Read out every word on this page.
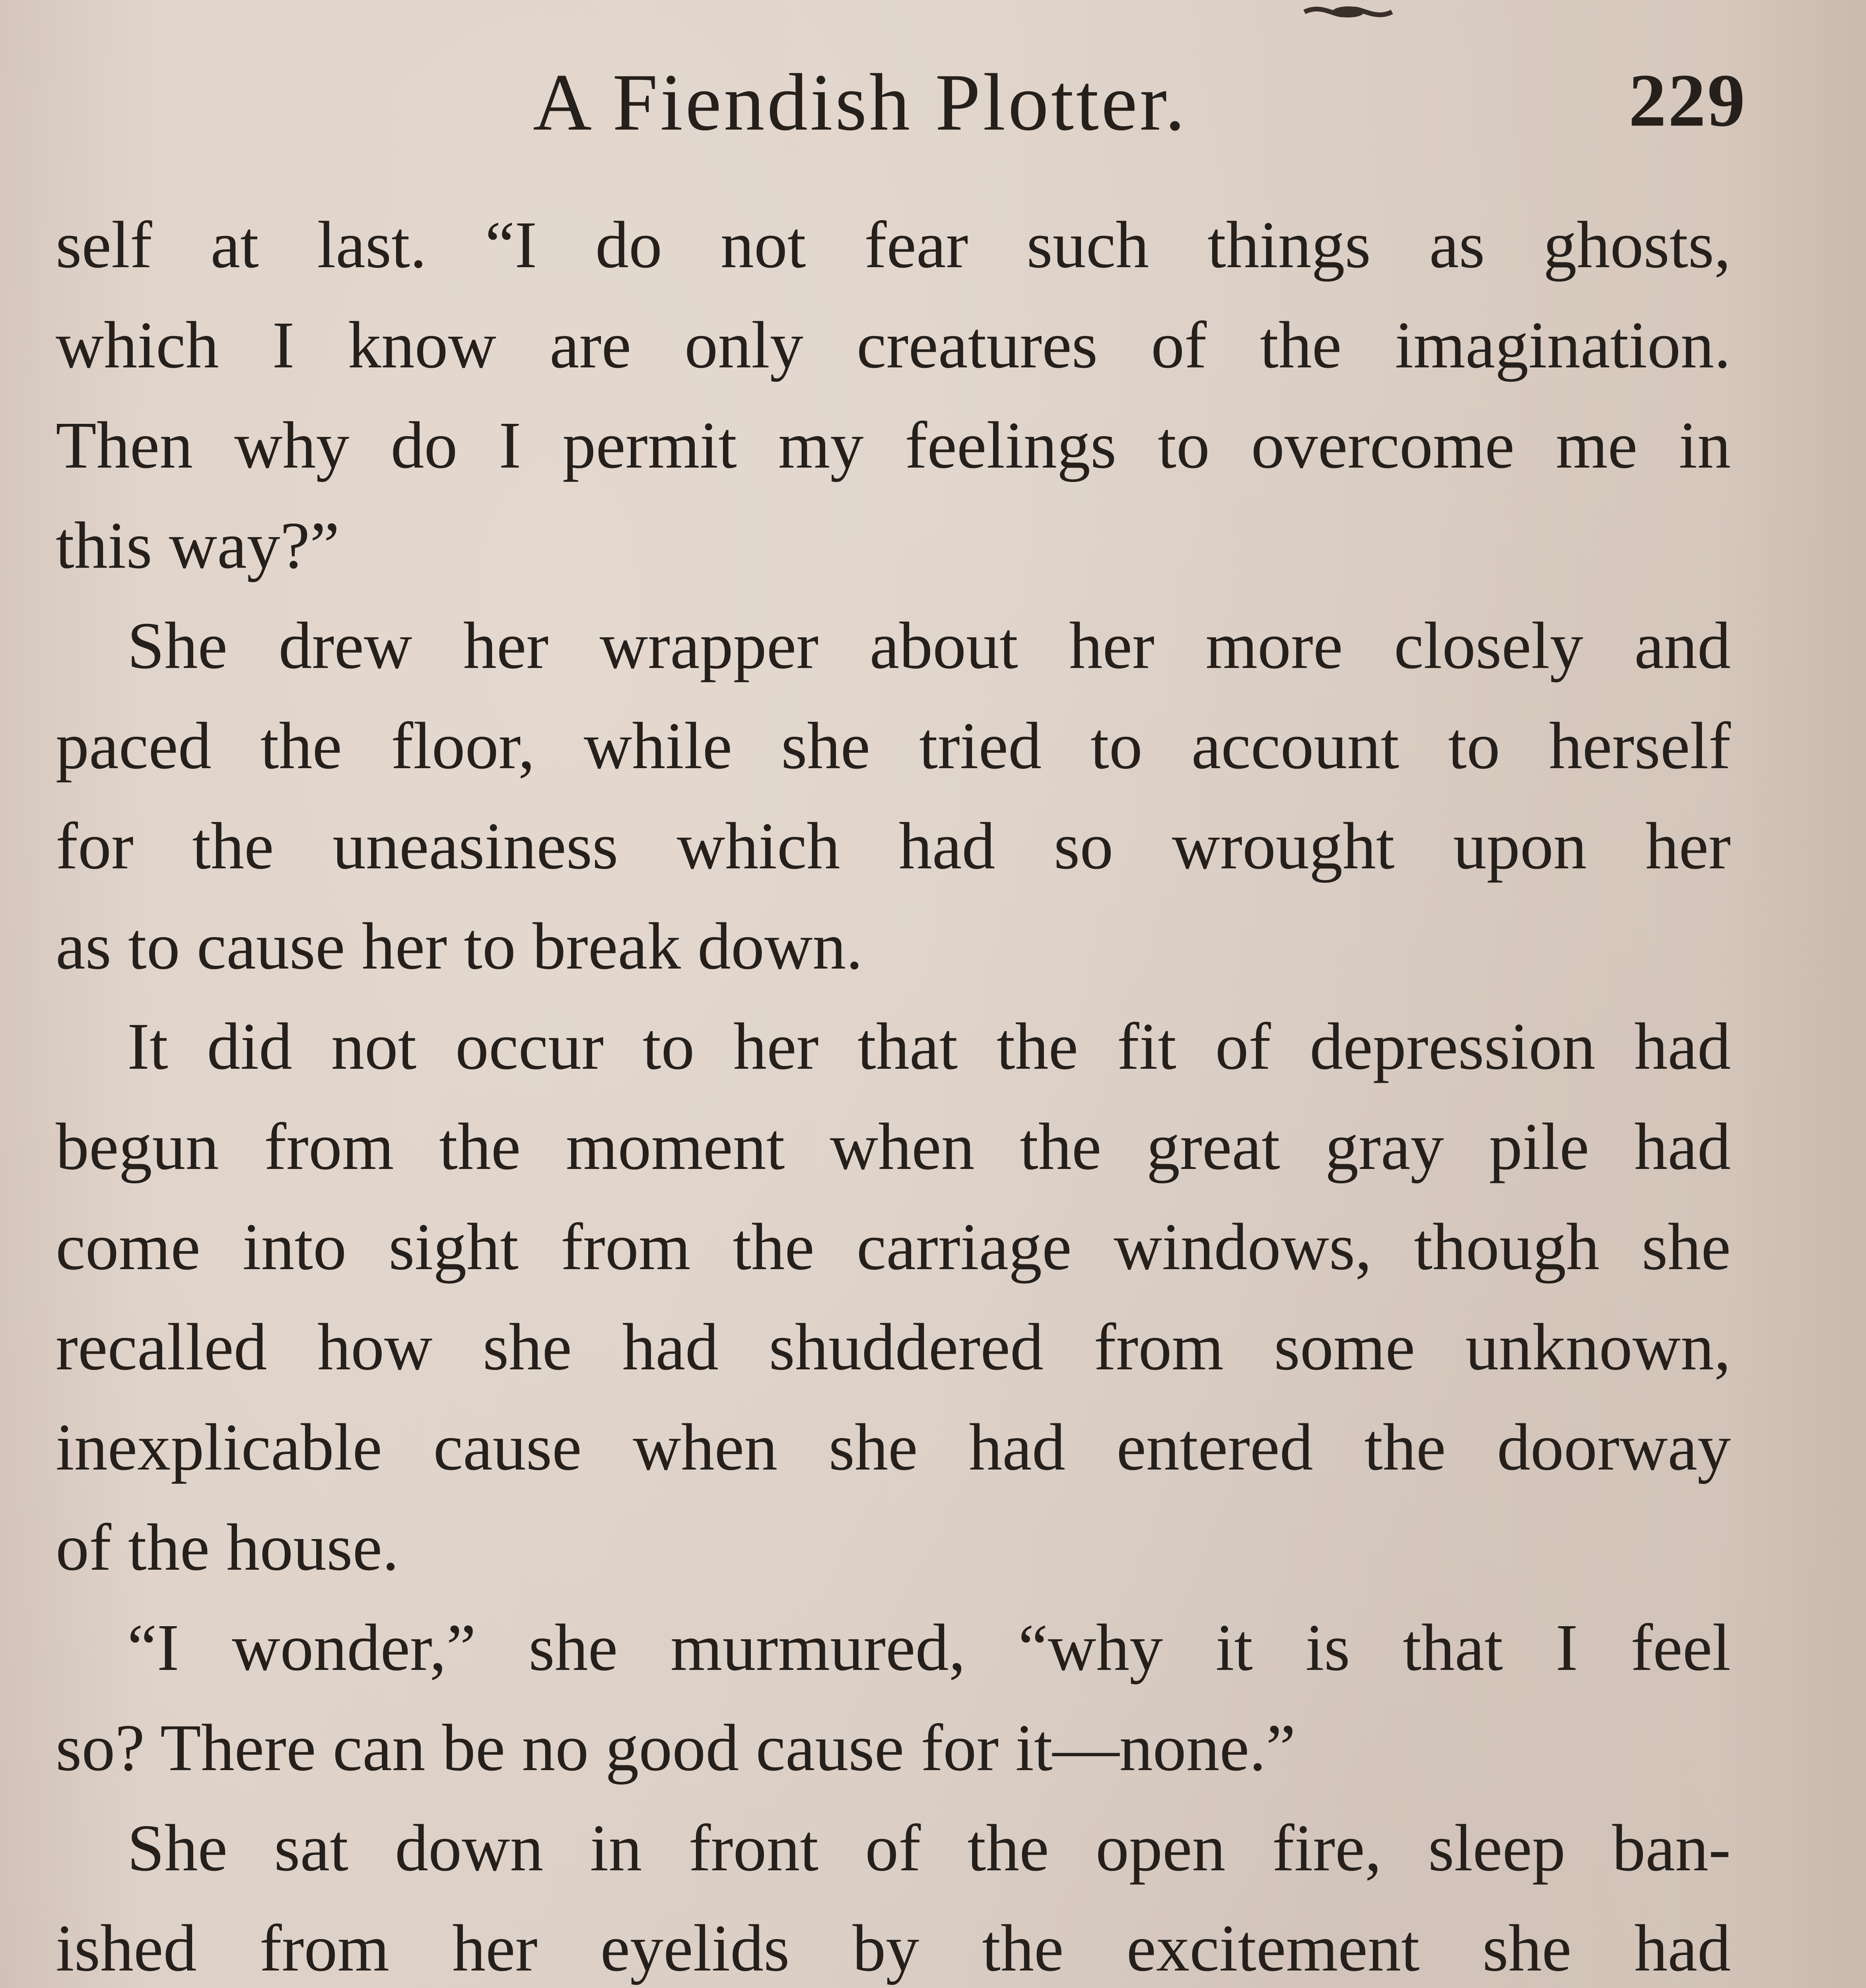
A Fiendish Plotter.	229
self at last. “I do not fear such things as ghosts,
which I know are only creatures of the imagination.
Then why do I permit my feelings to overcome me in
this way?”
She drew her wrapper about her more closely and
paced the floor, while she tried to account to herself
for the uneasiness which had so wrought upon her
as to cause her to break down.
It did not occur to her that the fit of depression had
begun from the moment when the great gray pile had
come into sight from the carriage windows, though she
recalled how she had shuddered from some unknown,
inexplicable cause when she had entered the doorway
of the house.
“I wonder,” she murmured, “why it is that I feel
so? There can be no good cause for it—none.”
She sat down in front of the open fire, sleep ban-
ished from her eyelids by the excitement she had
